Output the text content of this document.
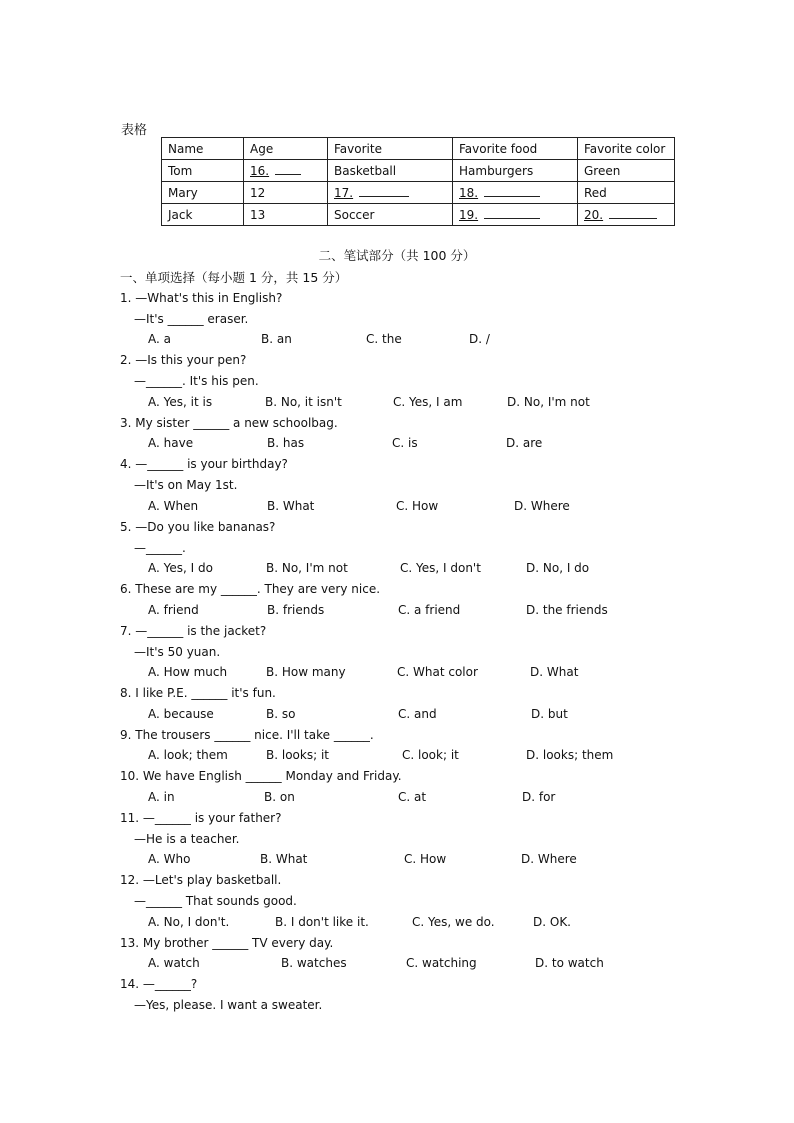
表格
Name	Age	Favorite	Favorite food	Favorite color
Tom	16.	Basketball	Hamburgers	Green
Mary	12	17.	18.	Red
Jack	13	Soccer	19.	20.
二、笔试部分（共 100 分）
一、单项选择（每小题 1 分，共 15 分）
1. —What's this in English?
—It's ______ eraser.
A. a	B. an	C. the	D. /
2. —Is this your pen?
—______. It's his pen.
A. Yes, it is	B. No, it isn't	C. Yes, I am	D. No, I'm not
3. My sister ______ a new schoolbag.
A. have	B. has	C. is	D. are
4. —______ is your birthday?
—It's on May 1st.
A. When	B. What	C. How	D. Where
5. —Do you like bananas?
—______.
A. Yes, I do	B. No, I'm not	C. Yes, I don't	D. No, I do
6. These are my ______. They are very nice.
A. friend	B. friends	C. a friend	D. the friends
7. —______ is the jacket?
—It's 50 yuan.
A. How much	B. How many	C. What color	D. What
8. I like P.E. ______ it's fun.
A. because	B. so	C. and	D. but
9. The trousers ______ nice. I'll take ______.
A. look; them	B. looks; it	C. look; it	D. looks; them
10. We have English ______ Monday and Friday.
A. in	B. on	C. at	D. for
11. —______ is your father?
—He is a teacher.
A. Who	B. What	C. How	D. Where
12. —Let's play basketball.
—______ That sounds good.
A. No, I don't.	B. I don't like it.	C. Yes, we do.	D. OK.
13. My brother ______ TV every day.
A. watch	B. watches	C. watching	D. to watch
14. —______?
—Yes, please. I want a sweater.
